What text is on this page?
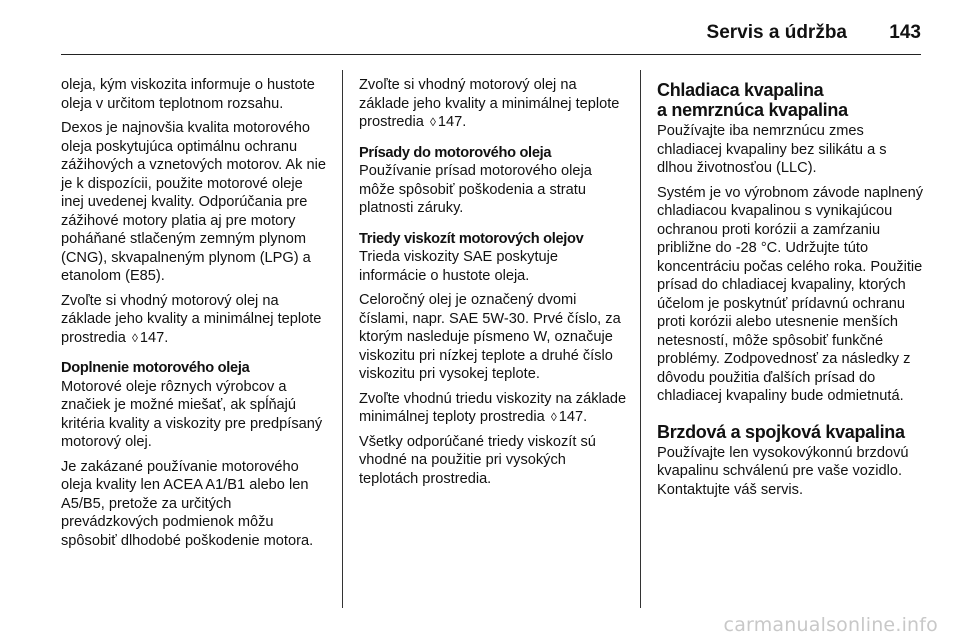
Servis a údržba 143

oleja, kým viskozita informuje o hustote oleja v určitom teplotnom rozsahu.

Dexos je najnovšia kvalita motorového oleja poskytujúca optimálnu ochranu zážihových a vznetových motorov. Ak nie je k dispozícii, použite motorové oleje inej uvedenej kvality. Odporúčania pre zážihové motory platia aj pre motory poháňané stlačeným zemným plynom (CNG), skvapalneným plynom (LPG) a etanolom (E85).

Zvoľte si vhodný motorový olej na základe jeho kvality a minimálnej teplote prostredia ◊ 147.

Doplnenie motorového oleja

Motorové oleje rôznych výrobcov a značiek je možné miešať, ak spĺňajú kritéria kvality a viskozity pre predpísaný motorový olej.

Je zakázané používanie motorového oleja kvality len ACEA A1/B1 alebo len A5/B5, pretože za určitých prevádzkových podmienok môžu spôsobiť dlhodobé poškodenie motora.

Zvoľte si vhodný motorový olej na základe jeho kvality a minimálnej teplote prostredia ◊ 147.

Prísady do motorového oleja

Používanie prísad motorového oleja môže spôsobiť poškodenia a stratu platnosti záruky.

Triedy viskozít motorových olejov

Trieda viskozity SAE poskytuje informácie o hustote oleja.

Celoročný olej je označený dvomi číslami, napr. SAE 5W-30. Prvé číslo, za ktorým nasleduje písmeno W, označuje viskozitu pri nízkej teplote a druhé číslo viskozitu pri vysokej teplote.

Zvoľte vhodnú triedu viskozity na základe minimálnej teploty prostredia ◊ 147.

Všetky odporúčané triedy viskozít sú vhodné na použitie pri vysokých teplotách prostredia.

Chladiaca kvapalina
a nemrznúca kvapalina

Používajte iba nemrznúcu zmes chladiacej kvapaliny bez silikátu a s dlhou životnosťou (LLC).

Systém je vo výrobnom závode naplnený chladiacou kvapalinou s vynikajúcou ochranou proti korózii a zamŕzaniu približne do -28 °C. Udržujte túto koncentráciu počas celého roka. Použitie prísad do chladiacej kvapaliny, ktorých účelom je poskytnúť prídavnú ochranu proti korózii alebo utesnenie menších netesností, môže spôsobiť funkčné problémy. Zodpovednosť za následky z dôvodu použitia ďalších prísad do chladiacej kvapaliny bude odmietnutá.

Brzdová a spojková kvapalina

Používajte len vysokovýkonnú brzdovú kvapalinu schválenú pre vaše vozidlo. Kontaktujte váš servis.

carmanualsonline.info
